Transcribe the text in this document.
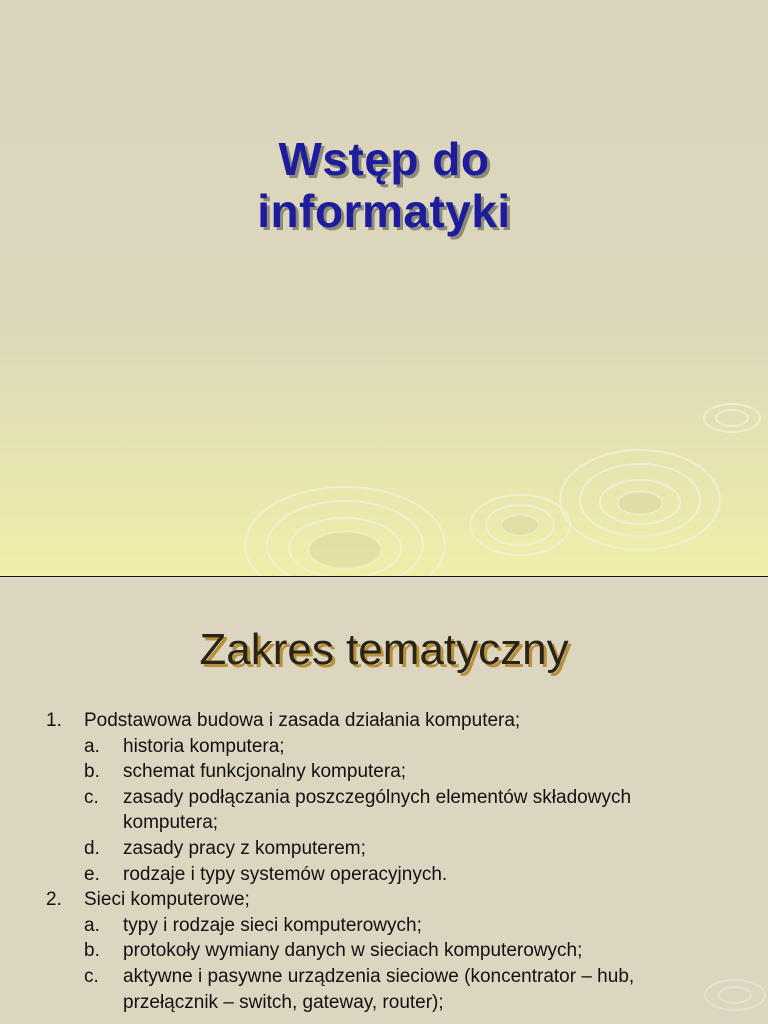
Wstęp do
informatyki
Zakres tematyczny
1. Podstawowa budowa i zasada działania komputera;
a. historia komputera;
b. schemat funkcjonalny komputera;
c. zasady podłączania poszczególnych elementów składowych
komputera;
d. zasady pracy z komputerem;
e. rodzaje i typy systemów operacyjnych.
2. Sieci komputerowe;
a. typy i rodzaje sieci komputerowych;
b. protokoły wymiany danych w sieciach komputerowych;
c. aktywne i pasywne urządzenia sieciowe (koncentrator – hub,
przełącznik – switch, gateway, router);
